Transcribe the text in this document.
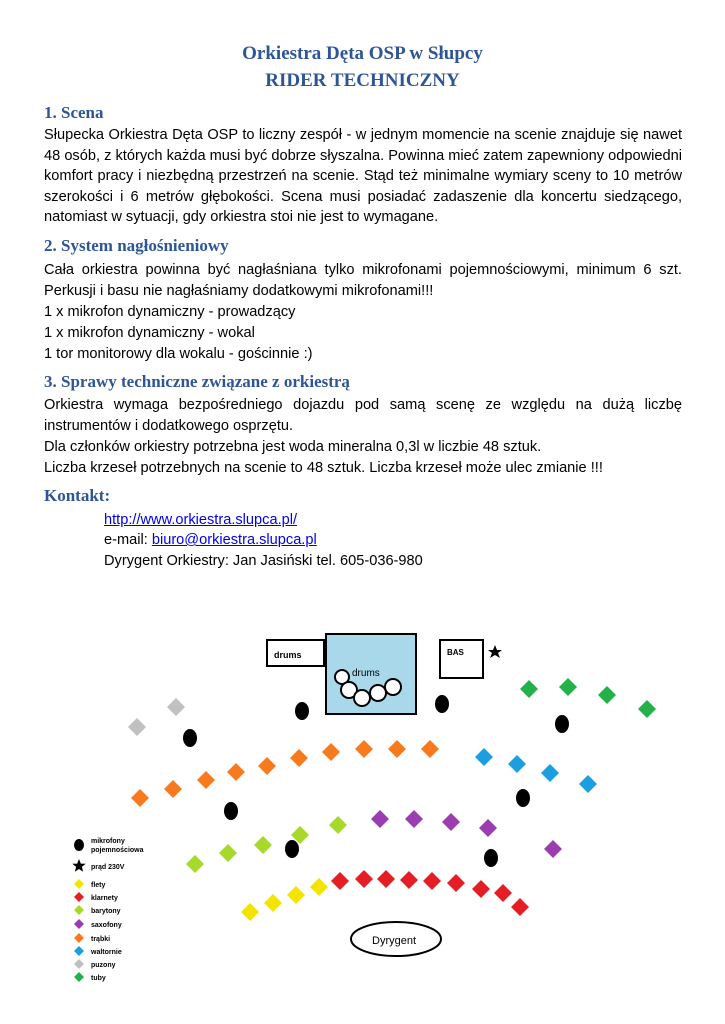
Orkiestra Dęta OSP w Słupcy
RIDER TECHNICZNY
1. Scena
Słupecka Orkiestra Dęta OSP to liczny zespół - w jednym momencie na scenie znajduje się nawet 48 osób, z których każda musi być dobrze słyszalna. Powinna mieć zatem zapewniony odpowiedni komfort pracy i niezbędną przestrzeń na scenie. Stąd też minimalne wymiary sceny to 10 metrów szerokości i 6 metrów głębokości. Scena musi posiadać zadaszenie dla koncertu siedzącego, natomiast w sytuacji, gdy orkiestra stoi nie jest to wymagane.
2. System nagłośnieniowy
Cała orkiestra powinna być nagłaśniana tylko mikrofonami pojemnościowymi, minimum 6 szt. Perkusji i basu nie nagłaśniamy dodatkowymi mikrofonami!!!
1 x mikrofon dynamiczny - prowadzący
1 x mikrofon dynamiczny - wokal
1 tor monitorowy dla wokalu - gościnnie :)
3. Sprawy techniczne związane z orkiestrą
Orkiestra wymaga bezpośredniego dojazdu pod samą scenę ze względu na dużą liczbę instrumentów i dodatkowego osprzętu.
Dla członków orkiestry potrzebna jest woda mineralna 0,3l w liczbie 48 sztuk.
Liczba krzeseł potrzebnych na scenie to 48 sztuk. Liczba krzeseł może ulec zmianie !!!
Kontakt:
http://www.orkiestra.slupca.pl/
e-mail: biuro@orkiestra.slupca.pl
Dyrygent Orkiestry: Jan Jasiński tel. 605-036-980
drums
drums
BAS
Dyrygent
mikrofony pojemnościowa
prąd 230V
flety
klarnety
barytony
saxofony
trąbki
waltornie
puzony
tuby
